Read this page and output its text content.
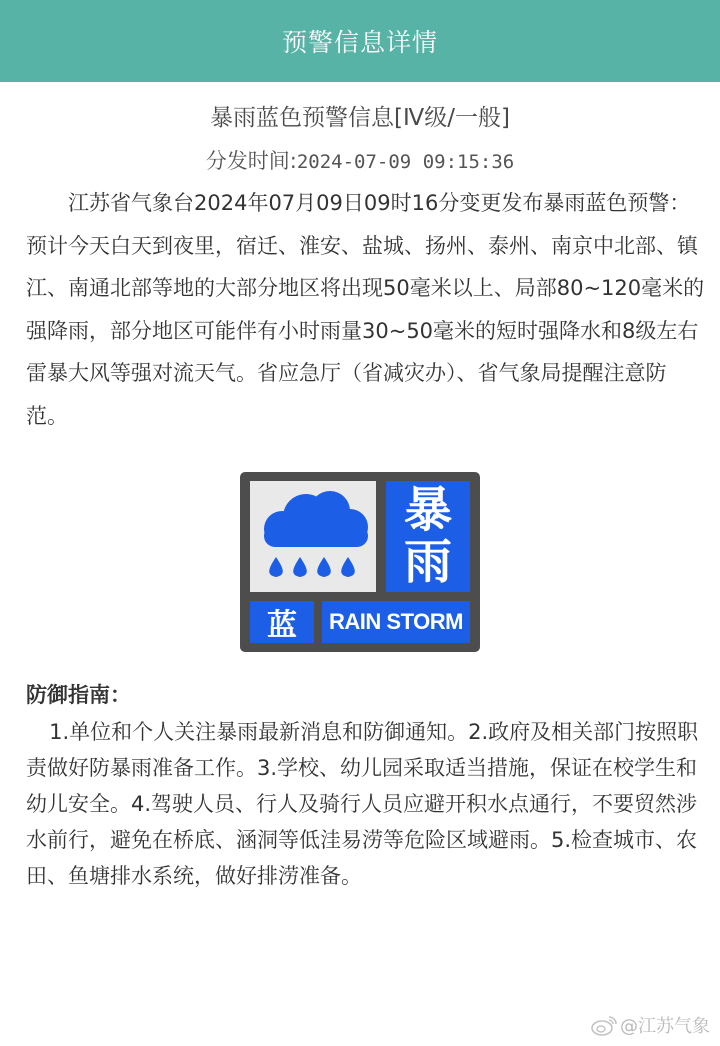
预警信息详情
暴雨蓝色预警信息[Ⅳ级/一般]
分发时间:2024-07-09 09:15:36
江苏省气象台2024年07月09日09时16分变更发布暴雨蓝色预警：预计今天白天到夜里，宿迁、淮安、盐城、扬州、泰州、南京中北部、镇江、南通北部等地的大部分地区将出现50毫米以上、局部80~120毫米的强降雨，部分地区可能伴有小时雨量30~50毫米的短时强降水和8级左右雷暴大风等强对流天气。省应急厅（省减灾办）、省气象局提醒注意防范。
暴
雨
蓝 RAIN STORM
防御指南：
1.单位和个人关注暴雨最新消息和防御通知。2.政府及相关部门按照职责做好防暴雨准备工作。3.学校、幼儿园采取适当措施，保证在校学生和幼儿安全。4.驾驶人员、行人及骑行人员应避开积水点通行，不要贸然涉水前行，避免在桥底、涵洞等低洼易涝等危险区域避雨。5.检查城市、农田、鱼塘排水系统，做好排涝准备。
@江苏气象
